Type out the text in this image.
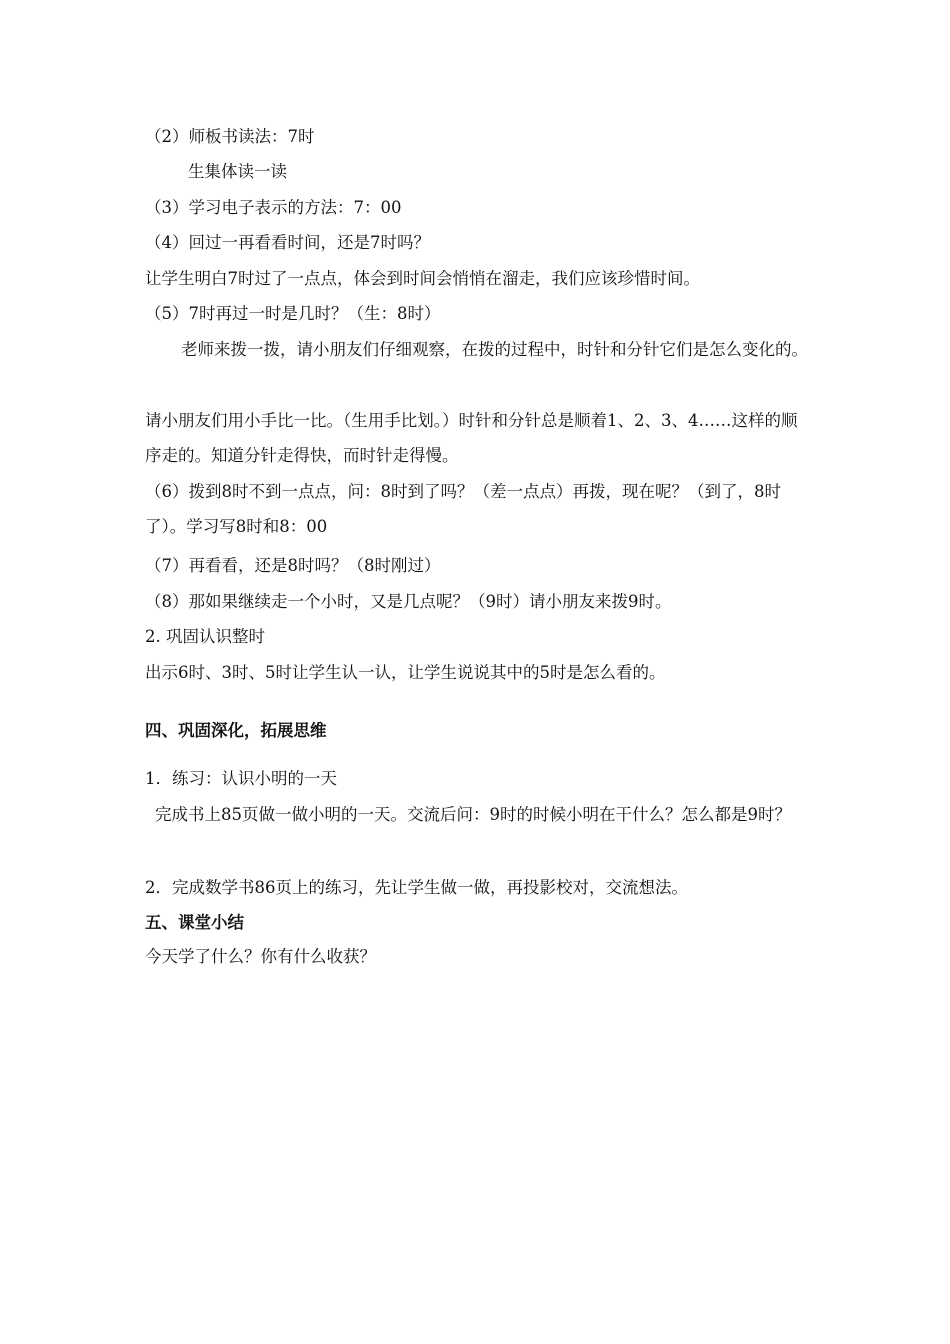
（2）师板书读法：7时
生集体读一读
（3）学习电子表示的方法：7：00
（4）回过一再看看时间，还是7时吗？
让学生明白7时过了一点点，体会到时间会悄悄在溜走，我们应该珍惜时间。
（5）7时再过一时是几时？（生：8时）
老师来拨一拨，请小朋友们仔细观察，在拨的过程中，时针和分针它们是怎么变化的。
请小朋友们用小手比一比。（生用手比划。）时针和分针总是顺着1、2、3、4……这样的顺序走的。知道分针走得快，而时针走得慢。
（6）拨到8时不到一点点，问：8时到了吗？（差一点点）再拨，现在呢？（到了，8时了）。学习写8时和8：00
（7）再看看，还是8时吗？（8时刚过）
（8）那如果继续走一个小时，又是几点呢？（9时）请小朋友来拨9时。
2. 巩固认识整时
出示6时、3时、5时让学生认一认，让学生说说其中的5时是怎么看的。
四、巩固深化，拓展思维
1．练习：认识小明的一天
完成书上85页做一做小明的一天。交流后问：9时的时候小明在干什么？怎么都是9时？
2．完成数学书86页上的练习，先让学生做一做，再投影校对，交流想法。
五、课堂小结
今天学了什么？你有什么收获？
